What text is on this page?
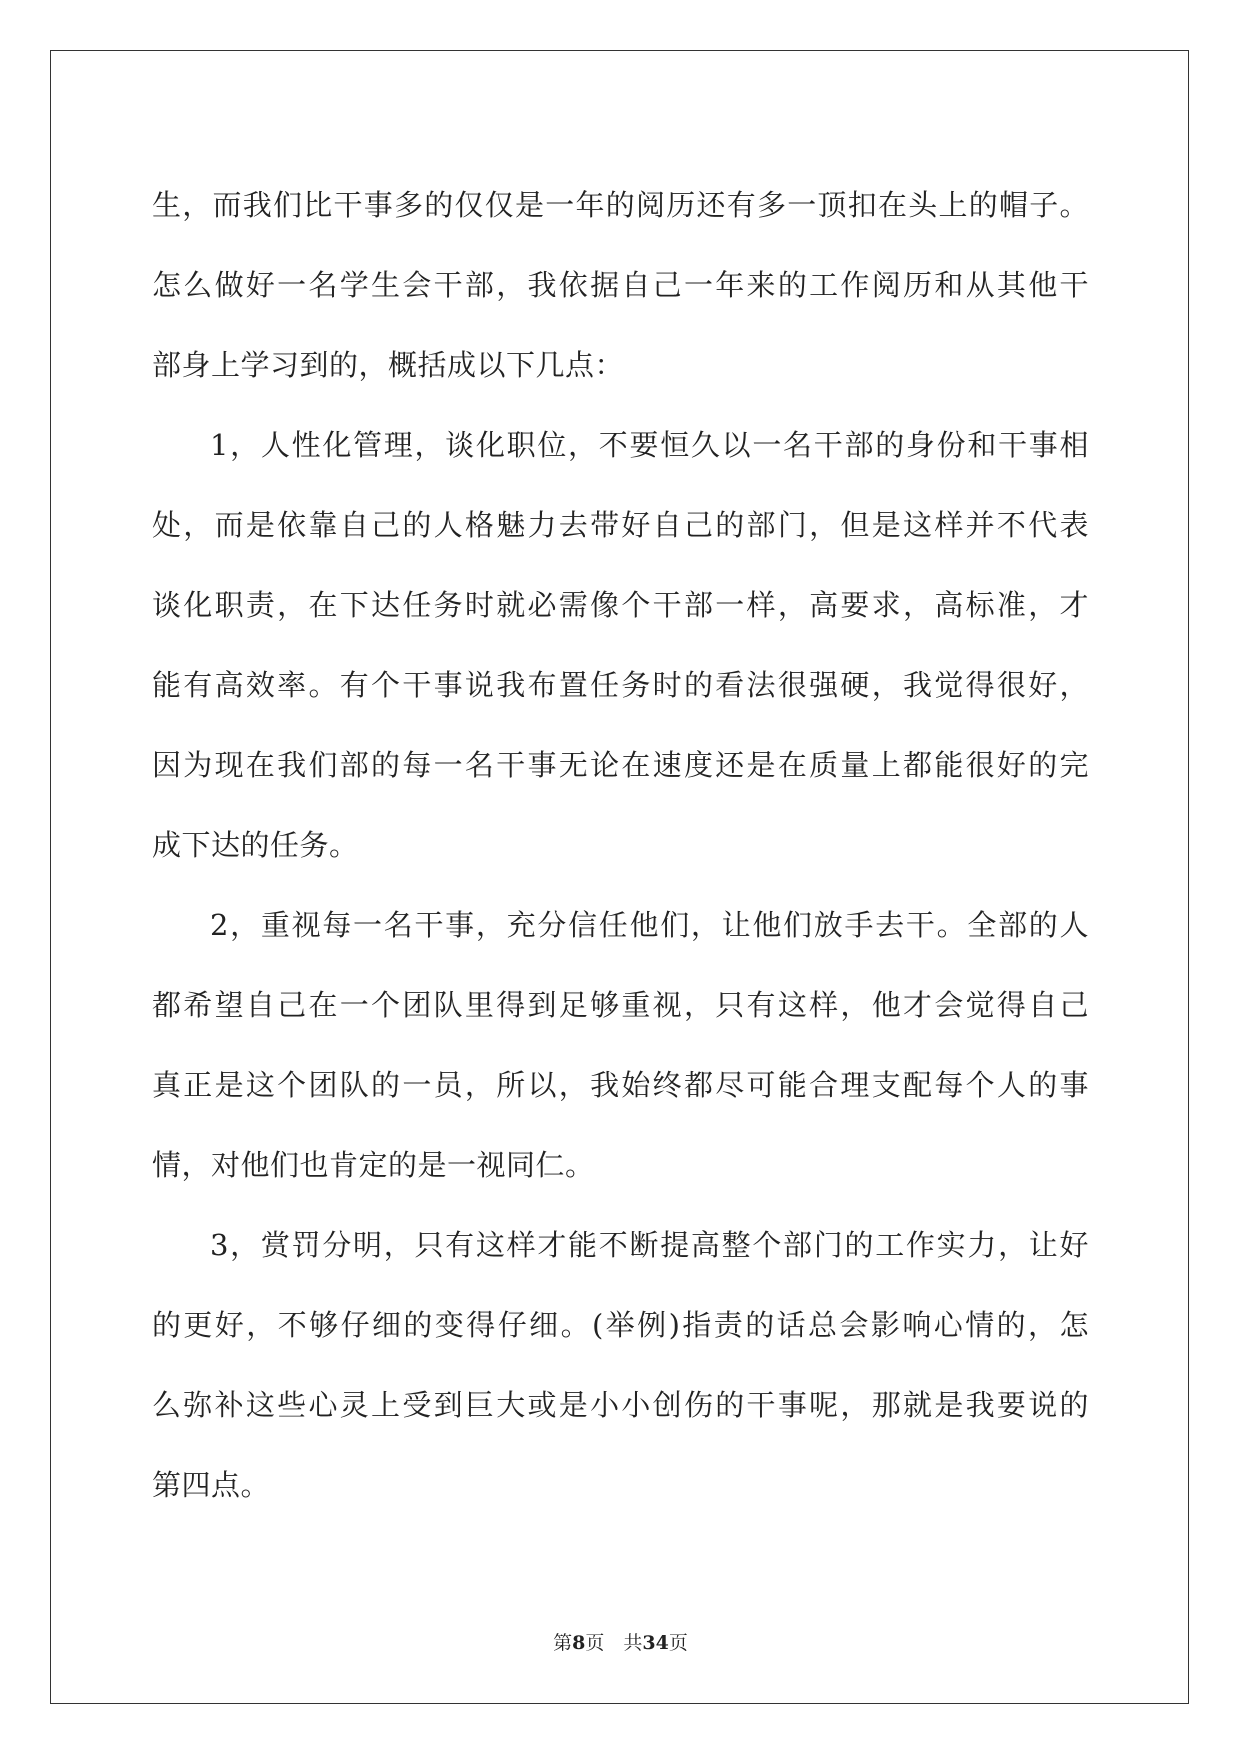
生，而我们比干事多的仅仅是一年的阅历还有多一顶扣在头上的帽子。
怎么做好一名学生会干部，我依据自己一年来的工作阅历和从其他干
部身上学习到的，概括成以下几点：
1，人性化管理，谈化职位，不要恒久以一名干部的身份和干事相
处，而是依靠自己的人格魅力去带好自己的部门，但是这样并不代表
谈化职责，在下达任务时就必需像个干部一样，高要求，高标准，才
能有高效率。有个干事说我布置任务时的看法很强硬，我觉得很好，
因为现在我们部的每一名干事无论在速度还是在质量上都能很好的完
成下达的任务。
2，重视每一名干事，充分信任他们，让他们放手去干。全部的人
都希望自己在一个团队里得到足够重视，只有这样，他才会觉得自己
真正是这个团队的一员，所以，我始终都尽可能合理支配每个人的事
情，对他们也肯定的是一视同仁。
3，赏罚分明，只有这样才能不断提高整个部门的工作实力，让好
的更好，不够仔细的变得仔细。(举例)指责的话总会影响心情的，怎
么弥补这些心灵上受到巨大或是小小创伤的干事呢，那就是我要说的
第四点。
第8页　共34页
